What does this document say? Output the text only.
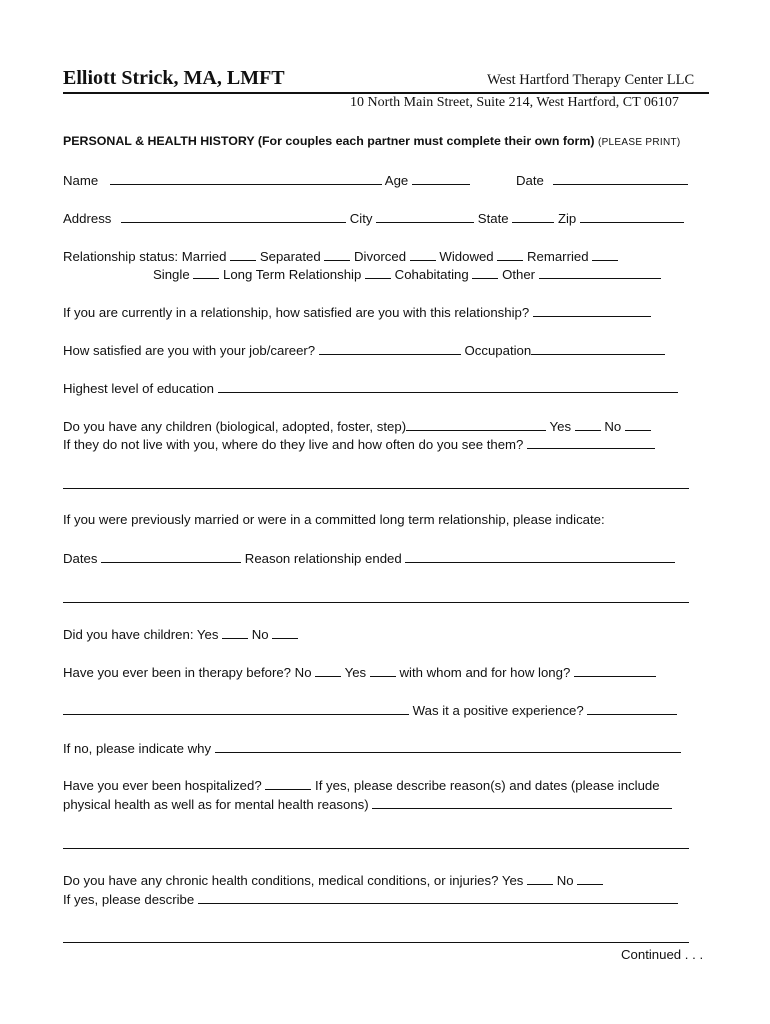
Elliott Strick, MA, LMFT	West Hartford Therapy Center LLC
10 North Main Street, Suite 214, West Hartford, CT 06107
PERSONAL & HEALTH HISTORY (For couples each partner must complete their own form) (PLEASE PRINT)
Name	Age	Date
Address	City	State	Zip
Relationship status: Married	Separated	Divorced	Widowed	Remarried
Single	Long Term Relationship	Cohabitating	Other
If you are currently in a relationship, how satisfied are you with this relationship?
How satisfied are you with your job/career?	Occupation
Highest level of education
Do you have any children (biological, adopted, foster, step)	Yes	No
If they do not live with you, where do they live and how often do you see them?
If you were previously married or were in a committed long term relationship, please indicate:
Dates	Reason relationship ended
Did you have children: Yes	No
Have you ever been in therapy before? No	Yes	with whom and for how long?
Was it a positive experience?
If no, please indicate why
Have you ever been hospitalized?	If yes, please describe reason(s) and dates (please include
physical health as well as for mental health reasons)
Do you have any chronic health conditions, medical conditions, or injuries? Yes	No
If yes, please describe
Continued . . .
